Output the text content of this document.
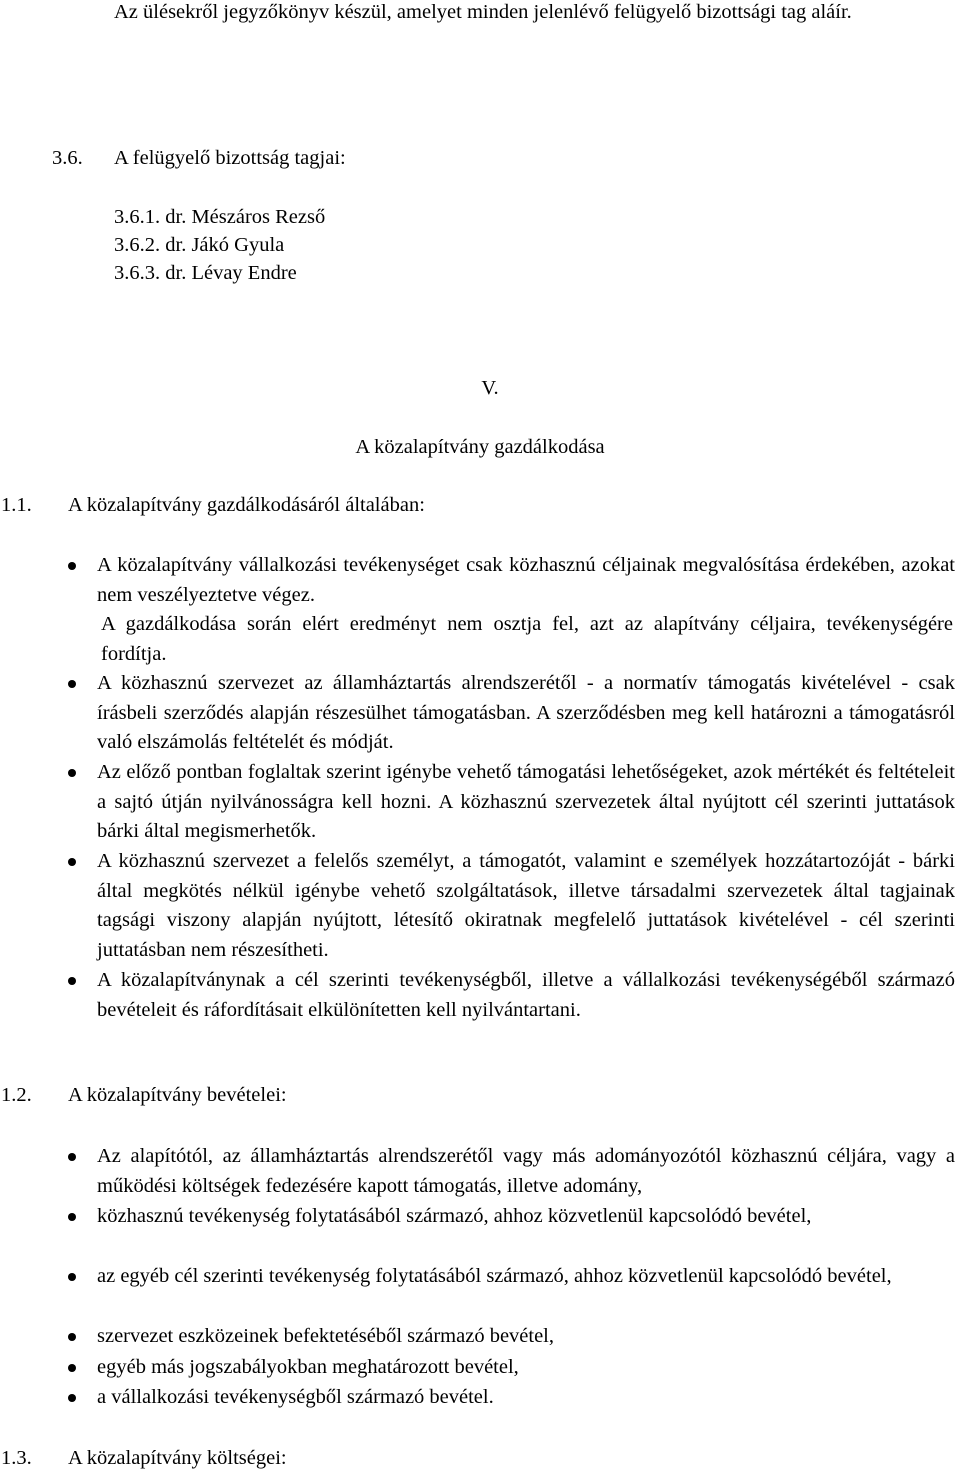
Az ülésekről jegyzőkönyv készül, amelyet minden jelenlévő felügyelő bizottsági tag aláír.
3.6. A felügyelő bizottság tagjai:
3.6.1. dr. Mészáros Rezső
3.6.2. dr. Jákó Gyula
3.6.3. dr. Lévay Endre
V.
A közalapítvány gazdálkodása
1.1. A közalapítvány gazdálkodásáról általában:
A közalapítvány vállalkozási tevékenységet csak közhasznú céljainak megvalósítása érdekében, azokat nem veszélyeztetve végez.
A gazdálkodása során elért eredményt nem osztja fel, azt az alapítvány céljaira, tevékenységére fordítja.
A közhasznú szervezet az államháztartás alrendszerétől - a normatív támogatás kivételével - csak írásbeli szerződés alapján részesülhet támogatásban. A szerződésben meg kell határozni a támogatásról való elszámolás feltételét és módját.
Az előző pontban foglaltak szerint igénybe vehető támogatási lehetőségeket, azok mértékét és feltételeit a sajtó útján nyilvánosságra kell hozni. A közhasznú szervezetek által nyújtott cél szerinti juttatások bárki által megismerhetők.
A közhasznú szervezet a felelős személyt, a támogatót, valamint e személyek hozzátartozóját - bárki által megkötés nélkül igénybe vehető szolgáltatások, illetve társadalmi szervezetek által tagjainak tagsági viszony alapján nyújtott, létesítő okiratnak megfelelő juttatások kivételével - cél szerinti juttatásban nem részesítheti.
A közalapítványnak a cél szerinti tevékenységből, illetve a vállalkozási tevékenységéből származó bevételeit és ráfordításait elkülönítetten kell nyilvántartani.
1.2. A közalapítvány bevételei:
Az alapítótól, az államháztartás alrendszerétől vagy más adományozótól közhasznú céljára, vagy a működési költségek fedezésére kapott támogatás, illetve adomány,
közhasznú tevékenység folytatásából származó, ahhoz közvetlenül kapcsolódó bevétel,
az egyéb cél szerinti tevékenység folytatásából származó, ahhoz közvetlenül kapcsolódó bevétel,
szervezet eszközeinek befektetéséből származó bevétel,
egyéb más jogszabályokban meghatározott bevétel,
a vállalkozási tevékenységből származó bevétel.
1.3. A közalapítvány költségei:
